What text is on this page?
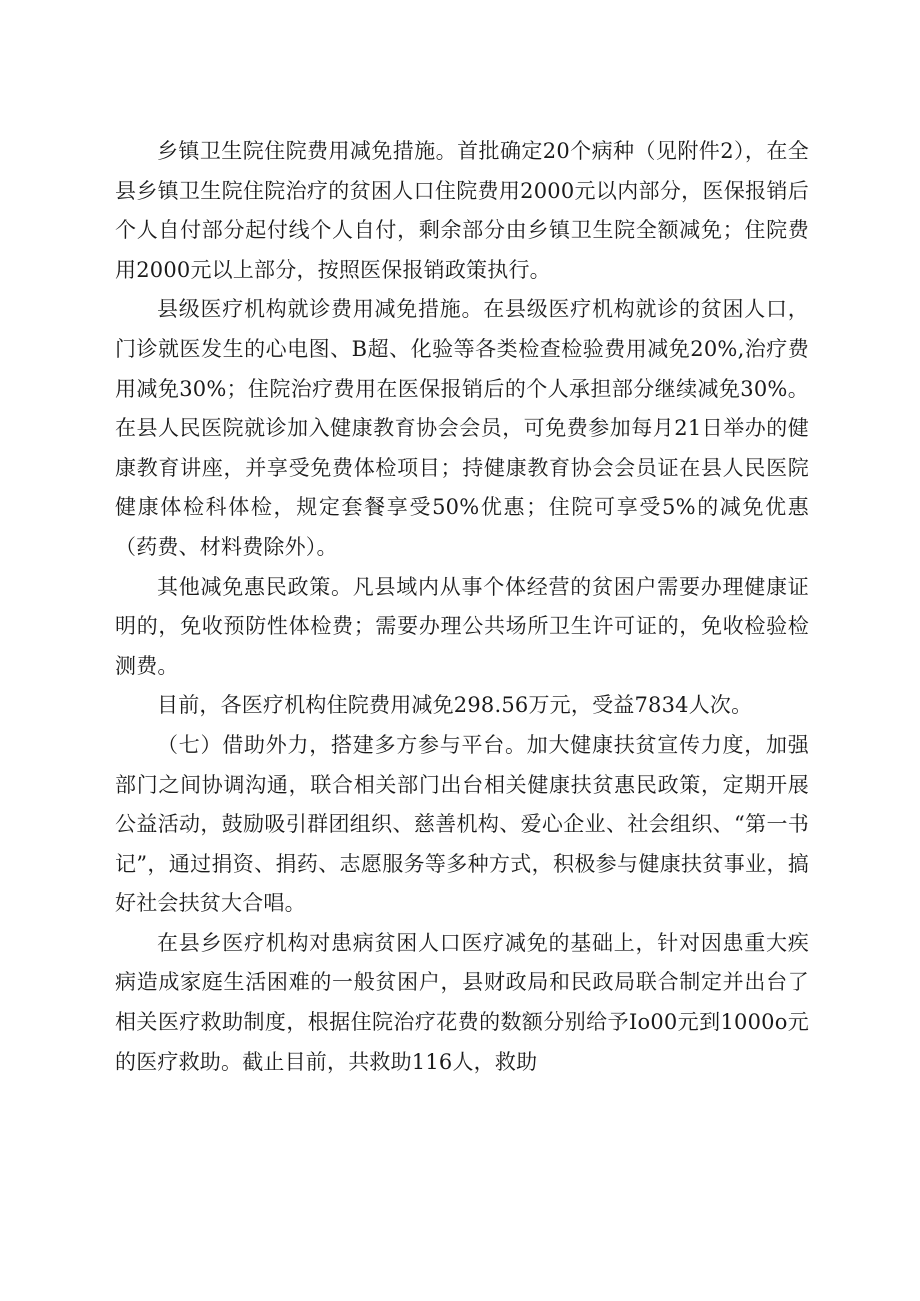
乡镇卫生院住院费用减免措施。首批确定20个病种（见附件2），在全县乡镇卫生院住院治疗的贫困人口住院费用2000元以内部分，医保报销后个人自付部分起付线个人自付，剩余部分由乡镇卫生院全额减免；住院费用2000元以上部分，按照医保报销政策执行。

县级医疗机构就诊费用减免措施。在县级医疗机构就诊的贫困人口，门诊就医发生的心电图、B超、化验等各类检查检验费用减免20%,治疗费用减免30%；住院治疗费用在医保报销后的个人承担部分继续减免30%。在县人民医院就诊加入健康教育协会会员，可免费参加每月21日举办的健康教育讲座，并享受免费体检项目；持健康教育协会会员证在县人民医院健康体检科体检，规定套餐享受50%优惠；住院可享受5%的减免优惠（药费、材料费除外）。

其他减免惠民政策。凡县域内从事个体经营的贫困户需要办理健康证明的，免收预防性体检费；需要办理公共场所卫生许可证的，免收检验检测费。

目前，各医疗机构住院费用减免298.56万元，受益7834人次。

（七）借助外力，搭建多方参与平台。加大健康扶贫宣传力度，加强部门之间协调沟通，联合相关部门出台相关健康扶贫惠民政策，定期开展公益活动，鼓励吸引群团组织、慈善机构、爱心企业、社会组织、“第一书记”，通过捐资、捐药、志愿服务等多种方式，积极参与健康扶贫事业，搞好社会扶贫大合唱。

在县乡医疗机构对患病贫困人口医疗减免的基础上，针对因患重大疾病造成家庭生活困难的一般贫困户，县财政局和民政局联合制定并出台了相关医疗救助制度，根据住院治疗花费的数额分别给予Io00元到1000o元的医疗救助。截止目前，共救助116人，救助
